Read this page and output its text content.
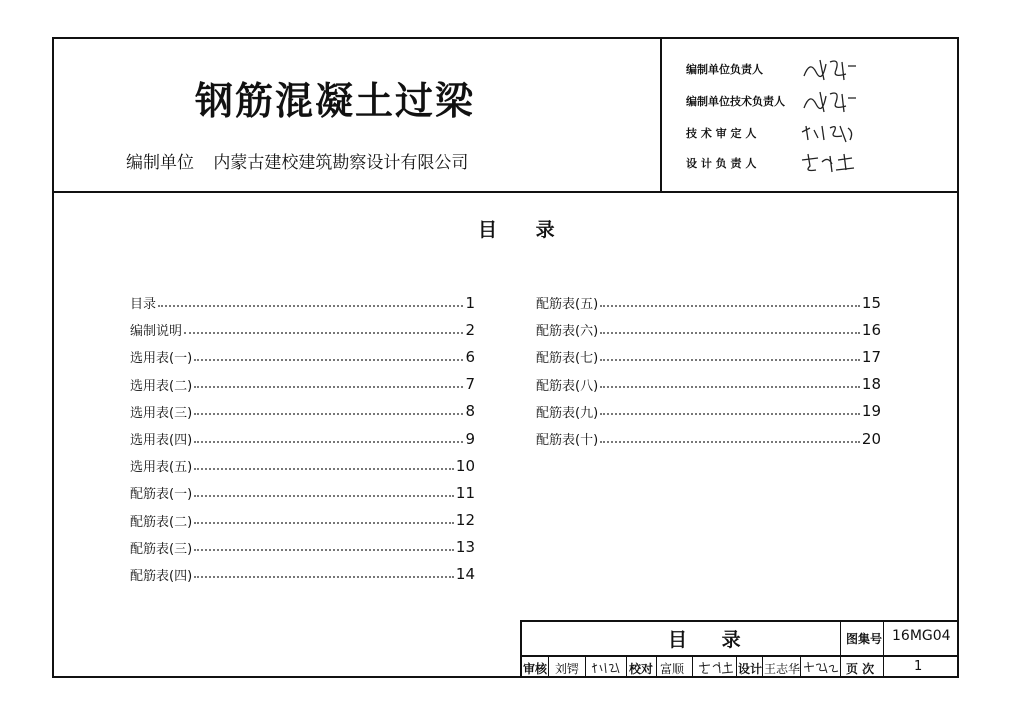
钢筋混凝土过梁
编制单位 内蒙古建校建筑勘察设计有限公司
编制单位负责人
编制单位技术负责人
技 术 审 定 人
设 计 负 责 人
目 录
目录	1
编制说明	2
选用表(一)	6
选用表(二)	7
选用表(三)	8
选用表(四)	9
选用表(五)	10
配筋表(一)	11
配筋表(二)	12
配筋表(三)	13
配筋表(四)	14
配筋表(五)	15
配筋表(六)	16
配筋表(七)	17
配筋表(八)	18
配筋表(九)	19
配筋表(十)	20
目 录	图集号 16MG04
审核 刘锷	校对 富顺	设计 王志华	页 次	1
